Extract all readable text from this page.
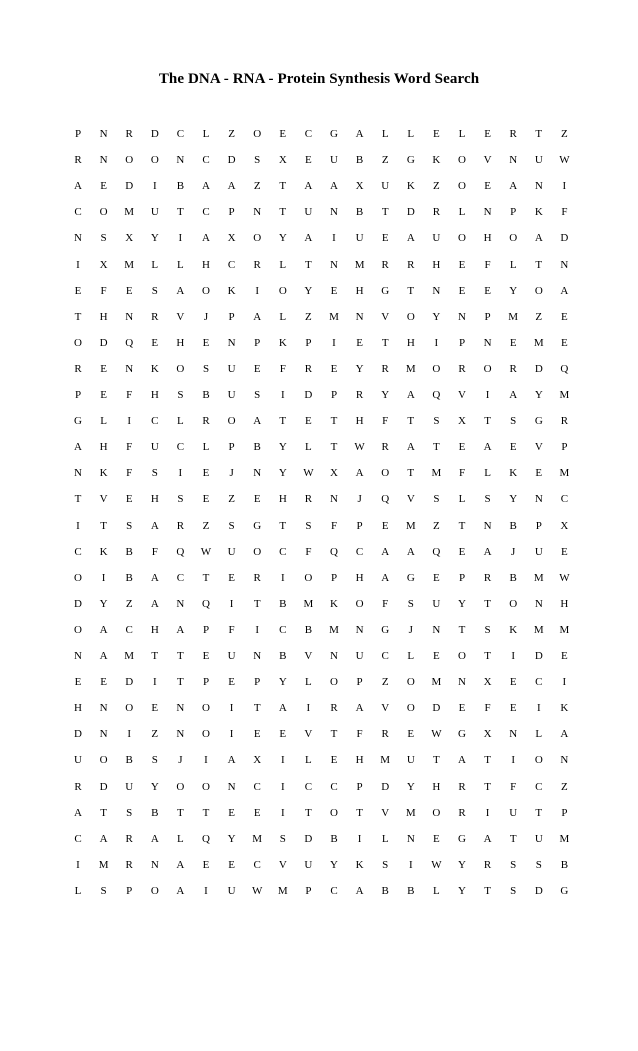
The DNA - RNA - Protein Synthesis Word Search
P	N	R	D	C	L	Z	O	E	C	G	A	L	L	E	L	E	R	T	Z
R	N	O	O	N	C	D	S	X	E	U	B	Z	G	K	O	V	N	U	W
A	E	D	I	B	A	A	Z	T	A	A	X	U	K	Z	O	E	A	N	I
C	O	M	U	T	C	P	N	T	U	N	B	T	D	R	L	N	P	K	F
N	S	X	Y	I	A	X	O	Y	A	I	U	E	A	U	O	H	O	A	D
I	X	M	L	L	H	C	R	L	T	N	M	R	R	H	E	F	L	T	N
E	F	E	S	A	O	K	I	O	Y	E	H	G	T	N	E	E	Y	O	A
T	H	N	R	V	J	P	A	L	Z	M	N	V	O	Y	N	P	M	Z	E
O	D	Q	E	H	E	N	P	K	P	I	E	T	H	I	P	N	E	M	E
R	E	N	K	O	S	U	E	F	R	E	Y	R	M	O	R	O	R	D	Q
P	E	F	H	S	B	U	S	I	D	P	R	Y	A	Q	V	I	A	Y	M
G	L	I	C	L	R	O	A	T	E	T	H	F	T	S	X	T	S	G	R
A	H	F	U	C	L	P	B	Y	L	T	W	R	A	T	E	A	E	V	P
N	K	F	S	I	E	J	N	Y	W	X	A	O	T	M	F	L	K	E	M
T	V	E	H	S	E	Z	E	H	R	N	J	Q	V	S	L	S	Y	N	C
I	T	S	A	R	Z	S	G	T	S	F	P	E	M	Z	T	N	B	P	X
C	K	B	F	Q	W	U	O	C	F	Q	C	A	A	Q	E	A	J	U	E
O	I	B	A	C	T	E	R	I	O	P	H	A	G	E	P	R	B	M	W
D	Y	Z	A	N	Q	I	T	B	M	K	O	F	S	U	Y	T	O	N	H
O	A	C	H	A	P	F	I	C	B	M	N	G	J	N	T	S	K	M	M
N	A	M	T	T	E	U	N	B	V	N	U	C	L	E	O	T	I	D	E
E	E	D	I	T	P	E	P	Y	L	O	P	Z	O	M	N	X	E	C	I
H	N	O	E	N	O	I	T	A	I	R	A	V	O	D	E	F	E	I	K
D	N	I	Z	N	O	I	E	E	V	T	F	R	E	W	G	X	N	L	A
U	O	B	S	J	I	A	X	I	L	E	H	M	U	T	A	T	I	O	N
R	D	U	Y	O	O	N	C	I	C	C	P	D	Y	H	R	T	F	C	Z
A	T	S	B	T	T	E	E	I	T	O	T	V	M	O	R	I	U	T	P
C	A	R	A	L	Q	Y	M	S	D	B	I	L	N	E	G	A	T	U	M
I	M	R	N	A	E	E	C	V	U	Y	K	S	I	W	Y	R	S	S	B
L	S	P	O	A	I	U	W	M	P	C	A	B	B	L	Y	T	S	D	G
